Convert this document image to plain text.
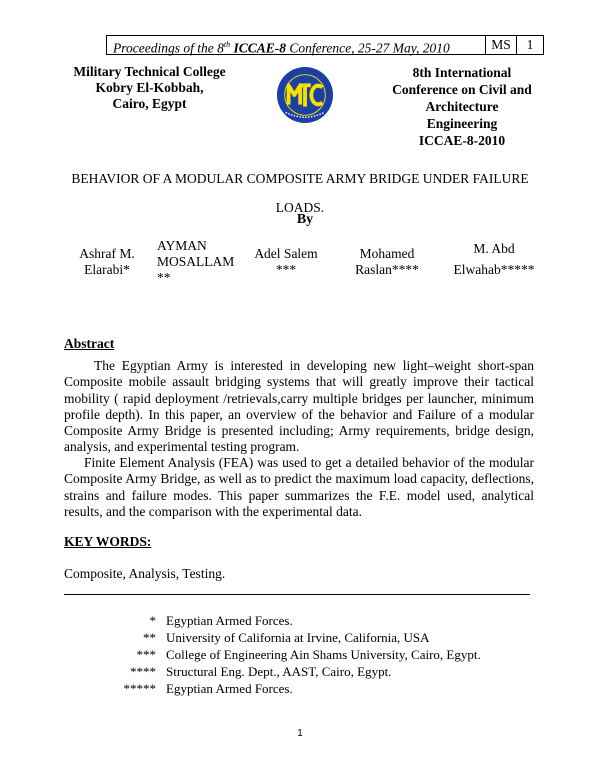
Proceedings of the 8th ICCAE-8 Conference, 25-27 May, 2010	MS	1
Military Technical College
Kobry El-Kobbah,
Cairo, Egypt
8th International
Conference on Civil and
Architecture Engineering
ICCAE-8-2010
BEHAVIOR OF A MODULAR COMPOSITE ARMY BRIDGE UNDER FAILURE
LOADS.
By
Ashraf M.
Elarabi*
AYMAN
MOSALLAM
**
Adel Salem
***
Mohamed
Raslan****
M. Abd
Elwahab*****
Abstract
The Egyptian Army is interested in developing new light–weight short-span Composite mobile assault bridging systems that will greatly improve their tactical mobility ( rapid deployment /retrievals,carry multiple bridges per launcher, minimum profile depth). In this paper, an overview of the behavior and Failure of a modular Composite Army Bridge is presented including; Army requirements, bridge design, analysis, and experimental testing program.
Finite Element Analysis (FEA) was used to get a detailed behavior of the modular Composite Army Bridge, as well as to predict the maximum load capacity, deflections, strains and failure modes. This paper summarizes the F.E. model used, analytical results, and the comparison with the experimental data.
KEY WORDS:
Composite, Analysis, Testing.
* Egyptian Armed Forces.
** University of California at Irvine, California, USA
*** College of Engineering Ain Shams University, Cairo, Egypt.
**** Structural Eng. Dept., AAST, Cairo, Egypt.
***** Egyptian Armed Forces.
1
